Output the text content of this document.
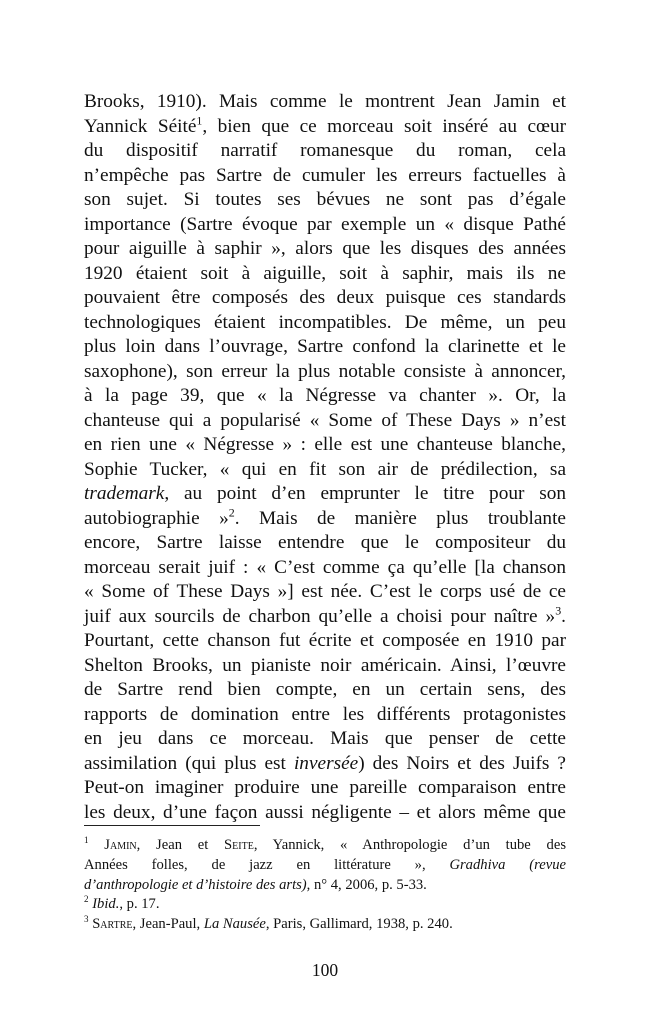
Brooks, 1910). Mais comme le montrent Jean Jamin et
Yannick Séité$^1$, bien que ce morceau soit inséré au cœur
du dispositif narratif romanesque du roman, cela
n’empêche pas Sartre de cumuler les erreurs factuelles à
son sujet. Si toutes ses bévues ne sont pas d’égale
importance (Sartre évoque par exemple un « disque Pathé
pour aiguille à saphir », alors que les disques des années
1920 étaient soit à aiguille, soit à saphir, mais ils ne
pouvaient être composés des deux puisque ces standards
technologiques étaient incompatibles. De même, un peu
plus loin dans l’ouvrage, Sartre confond la clarinette et le
saxophone), son erreur la plus notable consiste à annoncer,
à la page 39, que « la Négresse va chanter ». Or, la
chanteuse qui a popularisé « Some of These Days » n’est
en rien une « Négresse » : elle est une chanteuse blanche,
Sophie Tucker, « qui en fit son air de prédilection, sa
trademark, au point d’en emprunter le titre pour son
autobiographie »$^2$. Mais de manière plus troublante
encore, Sartre laisse entendre que le compositeur du
morceau serait juif : « C’est comme ça qu’elle [la chanson
« Some of These Days »] est née. C’est le corps usé de ce
juif aux sourcils de charbon qu’elle a choisi pour naître »$^3$.
Pourtant, cette chanson fut écrite et composée en 1910 par
Shelton Brooks, un pianiste noir américain. Ainsi, l’œuvre
de Sartre rend bien compte, en un certain sens, des
rapports de domination entre les différents protagonistes
en jeu dans ce morceau. Mais que penser de cette
assimilation (qui plus est inversée) des Noirs et des Juifs ?
Peut-on imaginer produire une pareille comparaison entre
les deux, d’une façon aussi négligente – et alors même que
$^1$ Jamin, Jean et Seite, Yannick, « Anthropologie d’un tube des
Années folles, de jazz en littérature », Gradhiva (revue
d’anthropologie et d’histoire des arts), n° 4, 2006, p. 5-33.
$^2$ Ibid., p. 17.
$^3$ Sartre, Jean-Paul, La Nausée, Paris, Gallimard, 1938, p. 240.
100
